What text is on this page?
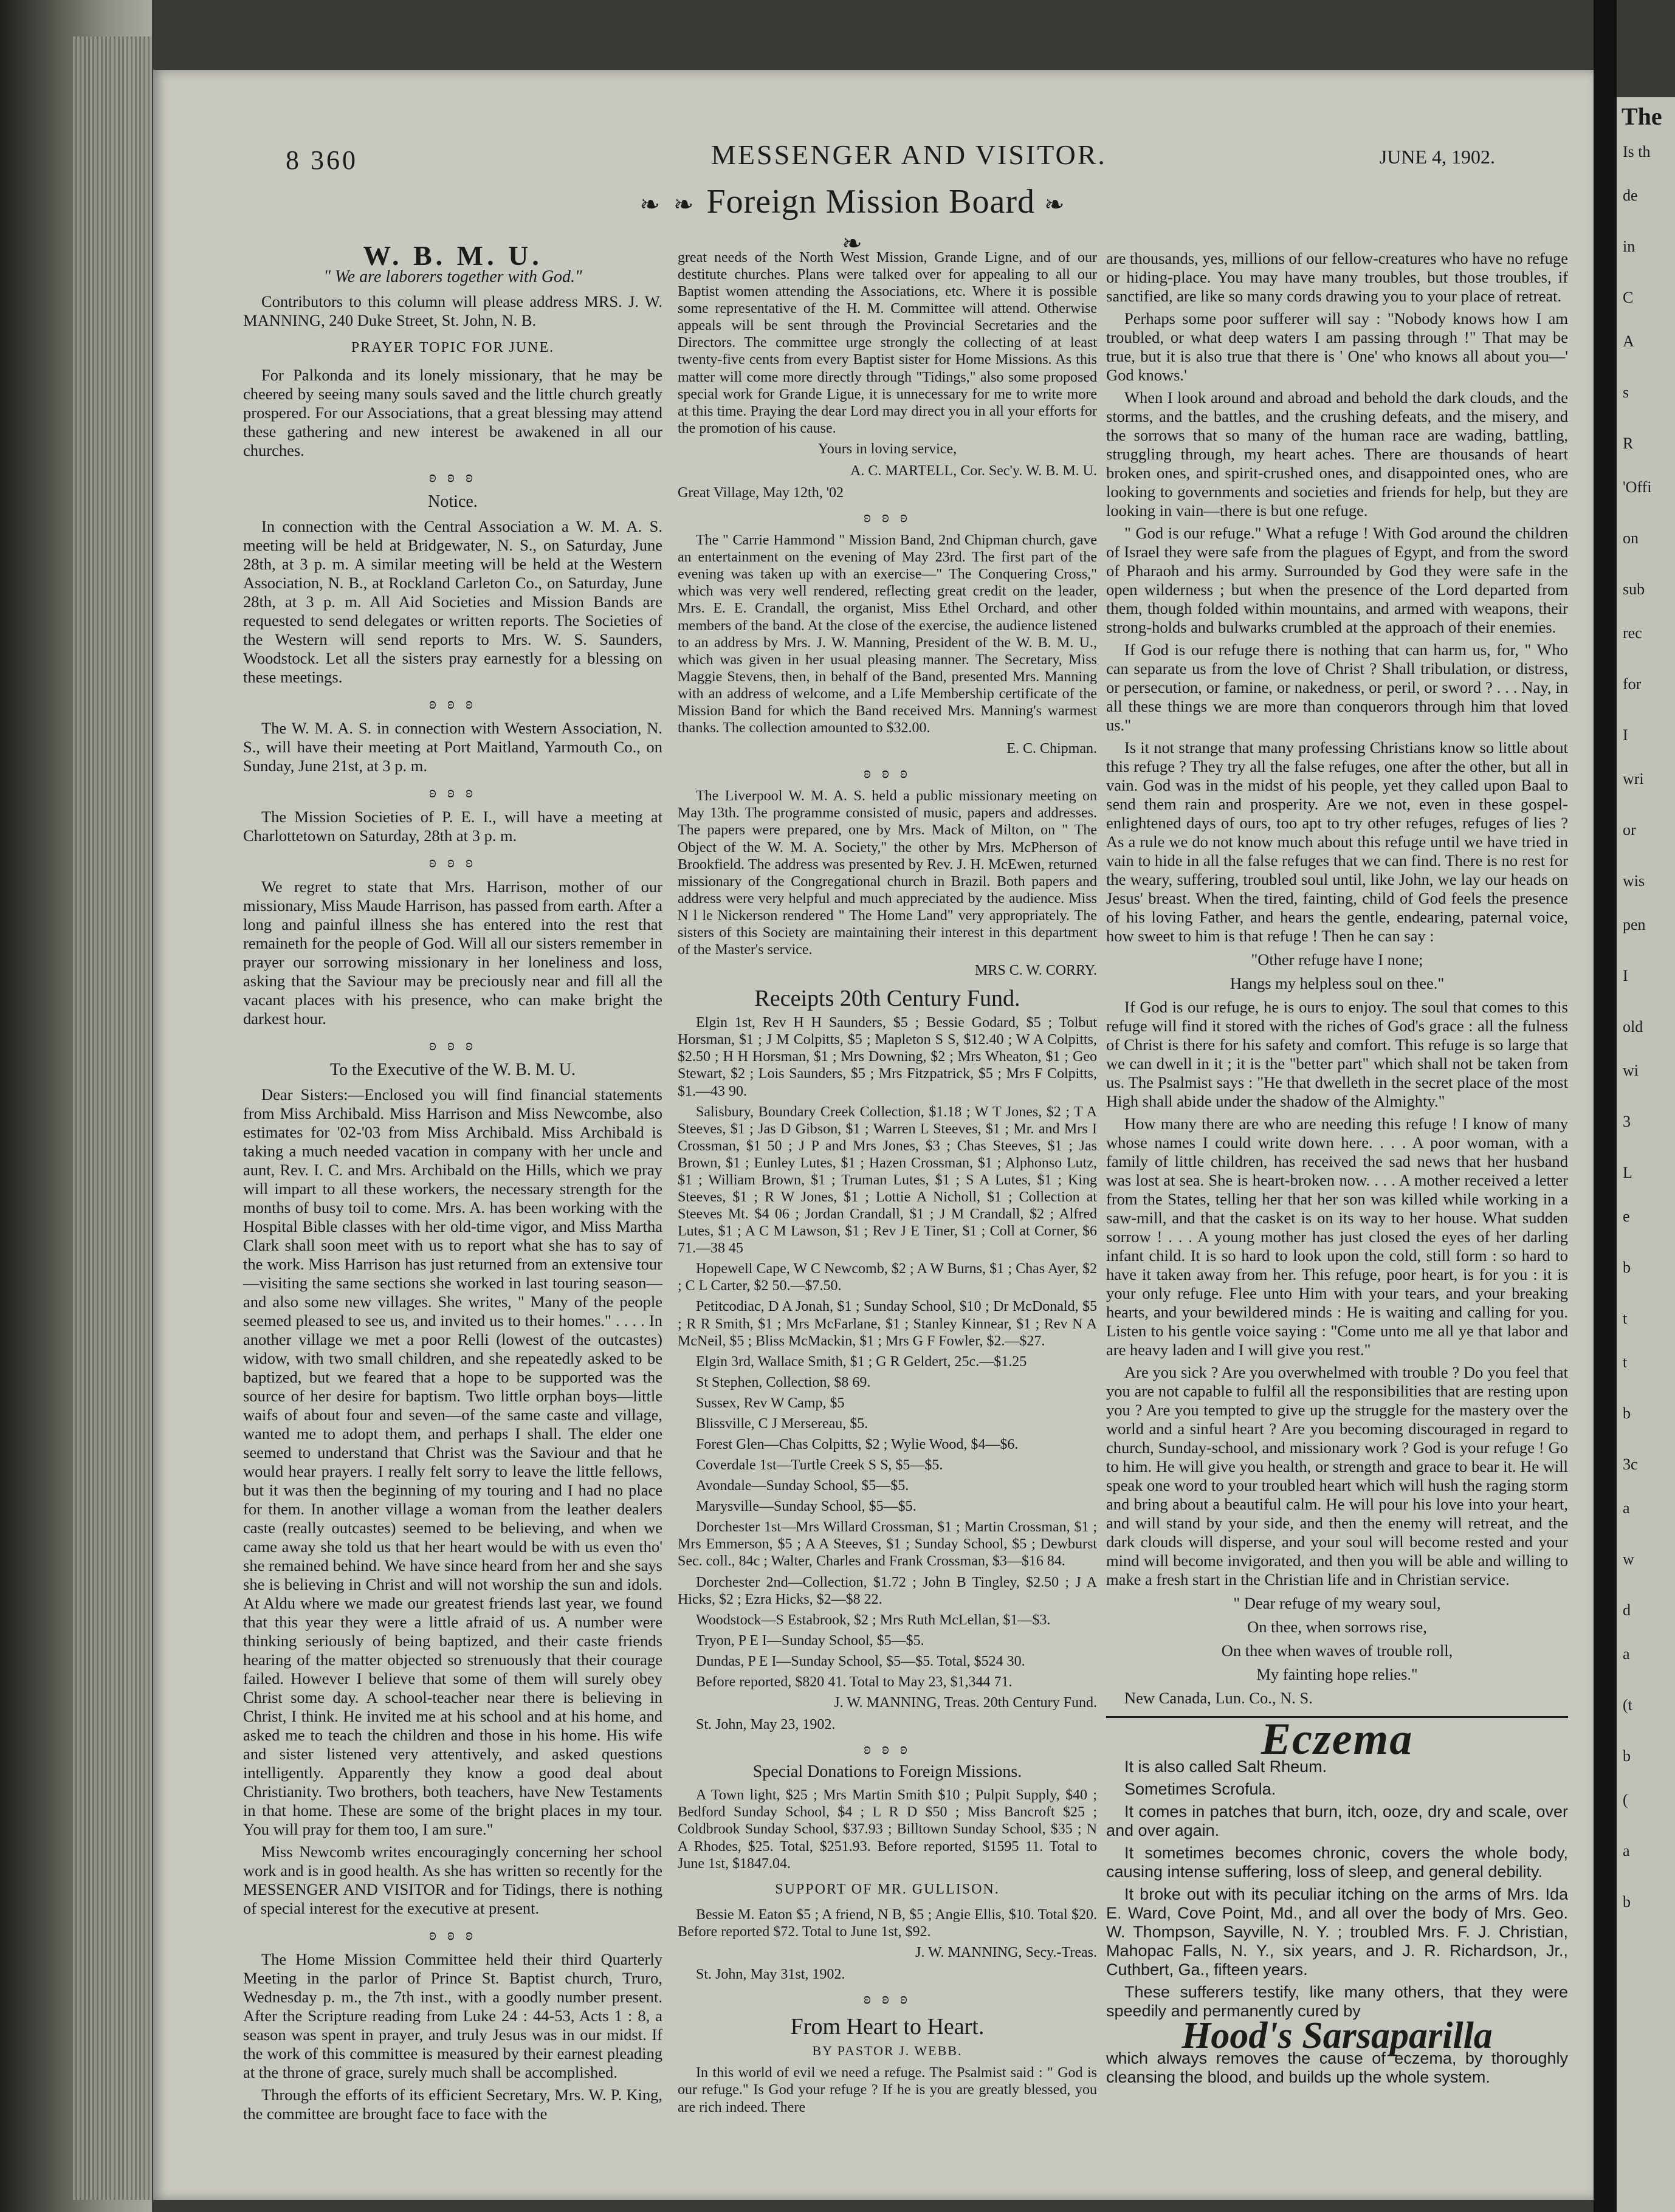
The
Is th
de
in
C
A
s
R
'Offi
on
sub
rec
for
I
wri
or
wis
pen
I
old
wi
3
L
e
b
t
t
b
3c
a
w
d
a
(t
b
(
a
b
8 360	MESSENGER AND VISITOR.	JUNE 4, 1902.
❧ ❧ Foreign Mission Board ❧ ❧
W. B. M. U.
" We are laborers together with God."

Contributors to this column will please address MRS. J. W. MANNING, 240 Duke Street, St. John, N. B.

PRAYER TOPIC FOR JUNE.

For Palkonda and its lonely missionary, that he may be cheered by seeing many souls saved and the little church greatly prospered. For our Associations, that a great blessing may attend these gathering and new interest be awakened in all our churches.

ʚ ʚ ʚ
Notice.

In connection with the Central Association a W. M. A. S. meeting will be held at Bridgewater, N. S., on Saturday, June 28th, at 3 p. m. A similar meeting will be held at the Western Association, N. B., at Rockland Carleton Co., on Saturday, June 28th, at 3 p. m. All Aid Societies and Mission Bands are requested to send delegates or written reports. The Societies of the Western will send reports to Mrs. W. S. Saunders, Woodstock. Let all the sisters pray earnestly for a blessing on these meetings.

ʚ ʚ ʚ

The W. M. A. S. in connection with Western Association, N. S., will have their meeting at Port Maitland, Yarmouth Co., on Sunday, June 21st, at 3 p. m.

ʚ ʚ ʚ

The Mission Societies of P. E. I., will have a meeting at Charlottetown on Saturday, 28th at 3 p. m.

ʚ ʚ ʚ

We regret to state that Mrs. Harrison, mother of our missionary, Miss Maude Harrison, has passed from earth. After a long and painful illness she has entered into the rest that remaineth for the people of God. Will all our sisters remember in prayer our sorrowing missionary in her loneliness and loss, asking that the Saviour may be preciously near and fill all the vacant places with his presence, who can make bright the darkest hour.

ʚ ʚ ʚ
To the Executive of the W. B. M. U.

Dear Sisters:—Enclosed you will find financial statements from Miss Archibald. Miss Harrison and Miss Newcombe, also estimates for '02-'03 from Miss Archibald. Miss Archibald is taking a much needed vacation in company with her uncle and aunt, Rev. I. C. and Mrs. Archibald on the Hills, which we pray will impart to all these workers, the necessary strength for the months of busy toil to come. Mrs. A. has been working with the Hospital Bible classes with her old-time vigor, and Miss Martha Clark shall soon meet with us to report what she has to say of the work. Miss Harrison has just returned from an extensive tour—visiting the same sections she worked in last touring season—and also some new villages. She writes, " Many of the people seemed pleased to see us, and invited us to their homes." . . . . In another village we met a poor Relli (lowest of the outcastes) widow, with two small children, and she repeatedly asked to be baptized, but we feared that a hope to be supported was the source of her desire for baptism. Two little orphan boys—little waifs of about four and seven—of the same caste and village, wanted me to adopt them, and perhaps I shall. The elder one seemed to understand that Christ was the Saviour and that he would hear prayers. I really felt sorry to leave the little fellows, but it was then the beginning of my touring and I had no place for them. In another village a woman from the leather dealers caste (really outcastes) seemed to be believing, and when we came away she told us that her heart would be with us even tho' she remained behind. We have since heard from her and she says she is believing in Christ and will not worship the sun and idols. At Aldu where we made our greatest friends last year, we found that this year they were a little afraid of us. A number were thinking seriously of being baptized, and their caste friends hearing of the matter objected so strenuously that their courage failed. However I believe that some of them will surely obey Christ some day. A school-teacher near there is believing in Christ, I think. He invited me at his school and at his home, and asked me to teach the children and those in his home. His wife and sister listened very attentively, and asked questions intelligently. Apparently they know a good deal about Christianity. Two brothers, both teachers, have New Testaments in that home. These are some of the bright places in my tour. You will pray for them too, I am sure."

Miss Newcomb writes encouragingly concerning her school work and is in good health. As she has written so recently for the MESSENGER AND VISITOR and for Tidings, there is nothing of special interest for the executive at present.

ʚ ʚ ʚ

The Home Mission Committee held their third Quarterly Meeting in the parlor of Prince St. Baptist church, Truro, Wednesday p. m., the 7th inst., with a goodly number present. After the Scripture reading from Luke 24 : 44-53, Acts 1 : 8, a season was spent in prayer, and truly Jesus was in our midst. If the work of this committee is measured by their earnest pleading at the throne of grace, surely much shall be accomplished.

Through the efforts of its efficient Secretary, Mrs. W. P. King, the committee are brought face to face with the

great needs of the North West Mission, Grande Ligne, and of our destitute churches. Plans were talked over for appealing to all our Baptist women attending the Associations, etc. Where it is possible some representative of the H. M. Committee will attend. Otherwise appeals will be sent through the Provincial Secretaries and the Directors. The committee urge strongly the collecting of at least twenty-five cents from every Baptist sister for Home Missions. As this matter will come more directly through "Tidings," also some proposed special work for Grande Ligue, it is unnecessary for me to write more at this time. Praying the dear Lord may direct you in all your efforts for the promotion of his cause.

Yours in loving service,
A. C. MARTELL, Cor. Sec'y. W. B. M. U.

Great Village, May 12th, '02

ʚ ʚ ʚ

The " Carrie Hammond " Mission Band, 2nd Chipman church, gave an entertainment on the evening of May 23rd. The first part of the evening was taken up with an exercise—" The Conquering Cross," which was very well rendered, reflecting great credit on the leader, Mrs. E. E. Crandall, the organist, Miss Ethel Orchard, and other members of the band. At the close of the exercise, the audience listened to an address by Mrs. J. W. Manning, President of the W. B. M. U., which was given in her usual pleasing manner. The Secretary, Miss Maggie Stevens, then, in behalf of the Band, presented Mrs. Manning with an address of welcome, and a Life Membership certificate of the Mission Band for which the Band received Mrs. Manning's warmest thanks. The collection amounted to $32.00.

E. C. Chipman.
ʚ ʚ ʚ

The Liverpool W. M. A. S. held a public missionary meeting on May 13th. The programme consisted of music, papers and addresses. The papers were prepared, one by Mrs. Mack of Milton, on " The Object of the W. M. A. Society," the other by Mrs. McPherson of Brookfield. The address was presented by Rev. J. H. McEwen, returned missionary of the Congregational church in Brazil. Both papers and address were very helpful and much appreciated by the audience. Miss N l le Nickerson rendered " The Home Land" very appropriately. The sisters of this Society are maintaining their interest in this department of the Master's service.

MRS C. W. CORRY.
Receipts 20th Century Fund.

Elgin 1st, Rev H H Saunders, $5 ; Bessie Godard, $5 ; Tolbut Horsman, $1 ; J M Colpitts, $5 ; Mapleton S S, $12.40 ; W A Colpitts, $2.50 ; H H Horsman, $1 ; Mrs Downing, $2 ; Mrs Wheaton, $1 ; Geo Stewart, $2 ; Lois Saunders, $5 ; Mrs Fitzpatrick, $5 ; Mrs F Colpitts, $1.—43 90.

Salisbury, Boundary Creek Collection, $1.18 ; W T Jones, $2 ; T A Steeves, $1 ; Jas D Gibson, $1 ; Warren L Steeves, $1 ; Mr. and Mrs I Crossman, $1 50 ; J P and Mrs Jones, $3 ; Chas Steeves, $1 ; Jas Brown, $1 ; Eunley Lutes, $1 ; Hazen Crossman, $1 ; Alphonso Lutz, $1 ; William Brown, $1 ; Truman Lutes, $1 ; S A Lutes, $1 ; King Steeves, $1 ; R W Jones, $1 ; Lottie A Nicholl, $1 ; Collection at Steeves Mt. $4 06 ; Jordan Crandall, $1 ; J M Crandall, $2 ; Alfred Lutes, $1 ; A C M Lawson, $1 ; Rev J E Tiner, $1 ; Coll at Corner, $6 71.—38 45

Hopewell Cape, W C Newcomb, $2 ; A W Burns, $1 ; Chas Ayer, $2 ; C L Carter, $2 50.—$7.50.

Petitcodiac, D A Jonah, $1 ; Sunday School, $10 ; Dr McDonald, $5 ; R R Smith, $1 ; Mrs McFarlane, $1 ; Stanley Kinnear, $1 ; Rev N A McNeil, $5 ; Bliss McMackin, $1 ; Mrs G F Fowler, $2.—$27.

Elgin 3rd, Wallace Smith, $1 ; G R Geldert, 25c.—$1.25

St Stephen, Collection, $8 69.

Sussex, Rev W Camp, $5

Blissville, C J Mersereau, $5.

Forest Glen—Chas Colpitts, $2 ; Wylie Wood, $4—$6.

Coverdale 1st—Turtle Creek S S, $5—$5.

Avondale—Sunday School, $5—$5.

Marysville—Sunday School, $5—$5.

Dorchester 1st—Mrs Willard Crossman, $1 ; Martin Crossman, $1 ; Mrs Emmerson, $5 ; A A Steeves, $1 ; Sunday School, $5 ; Dewburst Sec. coll., 84c ; Walter, Charles and Frank Crossman, $3—$16 84.

Dorchester 2nd—Collection, $1.72 ; John B Tingley, $2.50 ; J A Hicks, $2 ; Ezra Hicks, $2—$8 22.

Woodstock—S Estabrook, $2 ; Mrs Ruth McLellan, $1—$3.

Tryon, P E I—Sunday School, $5—$5.

Dundas, P E I—Sunday School, $5—$5. Total, $524 30.

Before reported, $820 41. Total to May 23, $1,344 71.

J. W. MANNING, Treas. 20th Century Fund.

St. John, May 23, 1902.

ʚ ʚ ʚ
Special Donations to Foreign Missions.

A Town light, $25 ; Mrs Martin Smith $10 ; Pulpit Supply, $40 ; Bedford Sunday School, $4 ; L R D $50 ; Miss Bancroft $25 ; Coldbrook Sunday School, $37.93 ; Billtown Sunday School, $35 ; N A Rhodes, $25. Total, $251.93. Before reported, $1595 11. Total to June 1st, $1847.04.

SUPPORT OF MR. GULLISON.

Bessie M. Eaton $5 ; A friend, N B, $5 ; Angie Ellis, $10. Total $20. Before reported $72. Total to June 1st, $92.

J. W. MANNING, Secy.-Treas.

St. John, May 31st, 1902.

ʚ ʚ ʚ
From Heart to Heart.
BY PASTOR J. WEBB.

In this world of evil we need a refuge. The Psalmist said : " God is our refuge." Is God your refuge ? If he is you are greatly blessed, you are rich indeed. There

are thousands, yes, millions of our fellow-creatures who have no refuge or hiding-place. You may have many troubles, but those troubles, if sanctified, are like so many cords drawing you to your place of retreat.

Perhaps some poor sufferer will say : "Nobody knows how I am troubled, or what deep waters I am passing through !" That may be true, but it is also true that there is ' One' who knows all about you—' God knows.'

When I look around and abroad and behold the dark clouds, and the storms, and the battles, and the crushing defeats, and the misery, and the sorrows that so many of the human race are wading, battling, struggling through, my heart aches. There are thousands of heart broken ones, and spirit-crushed ones, and disappointed ones, who are looking to governments and societies and friends for help, but they are looking in vain—there is but one refuge.

" God is our refuge." What a refuge ! With God around the children of Israel they were safe from the plagues of Egypt, and from the sword of Pharaoh and his army. Surrounded by God they were safe in the open wilderness ; but when the presence of the Lord departed from them, though folded within mountains, and armed with weapons, their strong-holds and bulwarks crumbled at the approach of their enemies.

If God is our refuge there is nothing that can harm us, for, " Who can separate us from the love of Christ ? Shall tribulation, or distress, or persecution, or famine, or nakedness, or peril, or sword ? . . . Nay, in all these things we are more than conquerors through him that loved us."

Is it not strange that many professing Christians know so little about this refuge ? They try all the false refuges, one after the other, but all in vain. God was in the midst of his people, yet they called upon Baal to send them rain and prosperity. Are we not, even in these gospel-enlightened days of ours, too apt to try other refuges, refuges of lies ? As a rule we do not know much about this refuge until we have tried in vain to hide in all the false refuges that we can find. There is no rest for the weary, suffering, troubled soul until, like John, we lay our heads on Jesus' breast. When the tired, fainting, child of God feels the presence of his loving Father, and hears the gentle, endearing, paternal voice, how sweet to him is that refuge ! Then he can say :

"Other refuge have I none;
Hangs my helpless soul on thee."

If God is our refuge, he is ours to enjoy. The soul that comes to this refuge will find it stored with the riches of God's grace : all the fulness of Christ is there for his safety and comfort. This refuge is so large that we can dwell in it ; it is the "better part" which shall not be taken from us. The Psalmist says : "He that dwelleth in the secret place of the most High shall abide under the shadow of the Almighty."

How many there are who are needing this refuge ! I know of many whose names I could write down here. . . . A poor woman, with a family of little children, has received the sad news that her husband was lost at sea. She is heart-broken now. . . . A mother received a letter from the States, telling her that her son was killed while working in a saw-mill, and that the casket is on its way to her house. What sudden sorrow ! . . . A young mother has just closed the eyes of her darling infant child. It is so hard to look upon the cold, still form : so hard to have it taken away from her. This refuge, poor heart, is for you : it is your only refuge. Flee unto Him with your tears, and your breaking hearts, and your bewildered minds : He is waiting and calling for you. Listen to his gentle voice saying : "Come unto me all ye that labor and are heavy laden and I will give you rest."

Are you sick ? Are you overwhelmed with trouble ? Do you feel that you are not capable to fulfil all the responsibilities that are resting upon you ? Are you tempted to give up the struggle for the mastery over the world and a sinful heart ? Are you becoming discouraged in regard to church, Sunday-school, and missionary work ? God is your refuge ! Go to him. He will give you health, or strength and grace to bear it. He will speak one word to your troubled heart which will hush the raging storm and bring about a beautiful calm. He will pour his love into your heart, and will stand by your side, and then the enemy will retreat, and the dark clouds will disperse, and your soul will become rested and your mind will become invigorated, and then you will be able and willing to make a fresh start in the Christian life and in Christian service.

" Dear refuge of my weary soul,
On thee, when sorrows rise,
On thee when waves of trouble roll,
My fainting hope relies."

New Canada, Lun. Co., N. S.

Eczema

It is also called Salt Rheum.

Sometimes Scrofula.

It comes in patches that burn, itch, ooze, dry and scale, over and over again.

It sometimes becomes chronic, covers the whole body, causing intense suffering, loss of sleep, and general debility.

It broke out with its peculiar itching on the arms of Mrs. Ida E. Ward, Cove Point, Md., and all over the body of Mrs. Geo. W. Thompson, Sayville, N. Y. ; troubled Mrs. F. J. Christian, Mahopac Falls, N. Y., six years, and J. R. Richardson, Jr., Cuthbert, Ga., fifteen years.

These sufferers testify, like many others, that they were speedily and permanently cured by

Hood's Sarsaparilla

which always removes the cause of eczema, by thoroughly cleansing the blood, and builds up the whole system.
